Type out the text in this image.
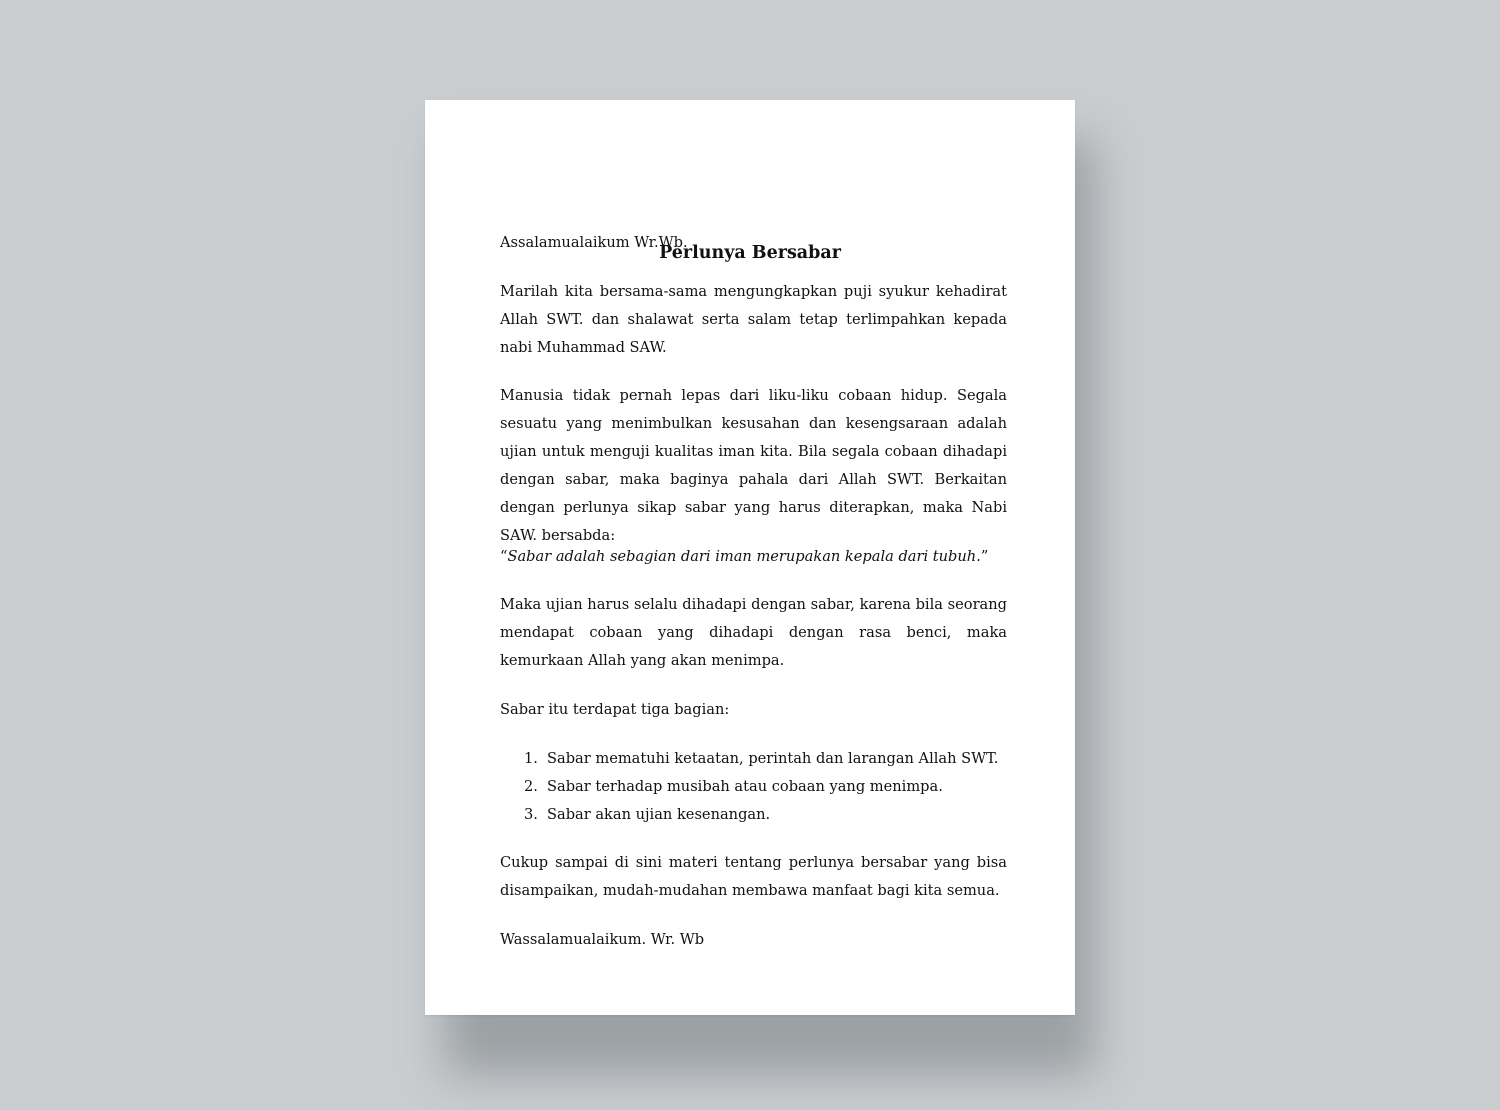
Perlunya Bersabar

Assalamualaikum Wr.Wb.

Marilah kita bersama-sama mengungkapkan puji syukur kehadirat Allah SWT. dan shalawat serta salam tetap terlimpahkan kepada nabi Muhammad SAW.

Manusia tidak pernah lepas dari liku-liku cobaan hidup. Segala sesuatu yang menimbulkan kesusahan dan kesengsaraan adalah ujian untuk menguji kualitas iman kita. Bila segala cobaan dihadapi dengan sabar, maka baginya pahala dari Allah SWT. Berkaitan dengan perlunya sikap sabar yang harus diterapkan, maka Nabi SAW. bersabda:

“Sabar adalah sebagian dari iman merupakan kepala dari tubuh.”

Maka ujian harus selalu dihadapi dengan sabar, karena bila seorang mendapat cobaan yang dihadapi dengan rasa benci, maka kemurkaan Allah yang akan menimpa.

Sabar itu terdapat tiga bagian:

1. Sabar mematuhi ketaatan, perintah dan larangan Allah SWT.
2. Sabar terhadap musibah atau cobaan yang menimpa.
3. Sabar akan ujian kesenangan.

Cukup sampai di sini materi tentang perlunya bersabar yang bisa disampaikan, mudah-mudahan membawa manfaat bagi kita semua.

Wassalamualaikum. Wr. Wb
